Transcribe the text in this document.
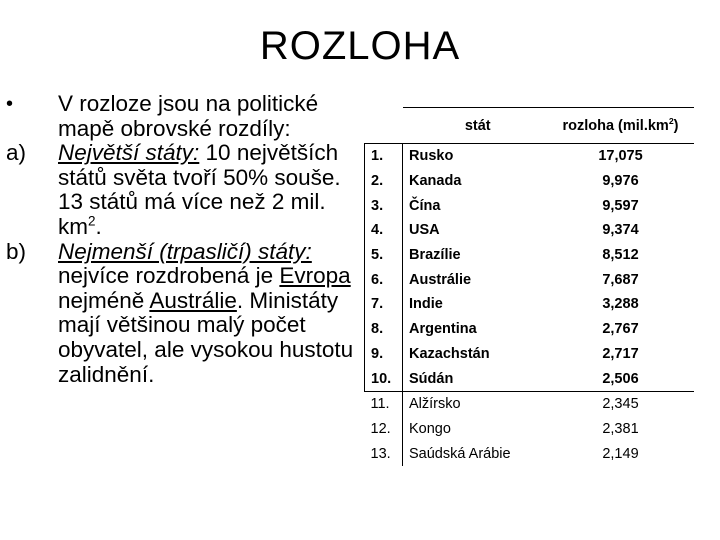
ROZLOHA
•	V rozloze jsou na politické mapě obrovské rozdíly:
a)	Největší státy: 10 největších států světa tvoří 50% souše. 13 států má více než 2 mil. $km^2$.
b)	Nejmenší (trpasličí) státy: nejvíce rozdrobená je Evropa nejméně Austrálie. Ministáty mají většinou malý počet obyvatel, ale vysokou hustotu zalidnění.
	stát	rozloha $(mil.km^2)$
1.	Rusko	17,075
2.	Kanada	9,976
3.	Čína	9,597
4.	USA	9,374
5.	Brazílie	8,512
6.	Austrálie	7,687
7.	Indie	3,288
8.	Argentina	2,767
9.	Kazachstán	2,717
10.	Súdán	2,506
11.	Alžírsko	2,345
12.	Kongo	2,381
13.	Saúdská Arábie	2,149
